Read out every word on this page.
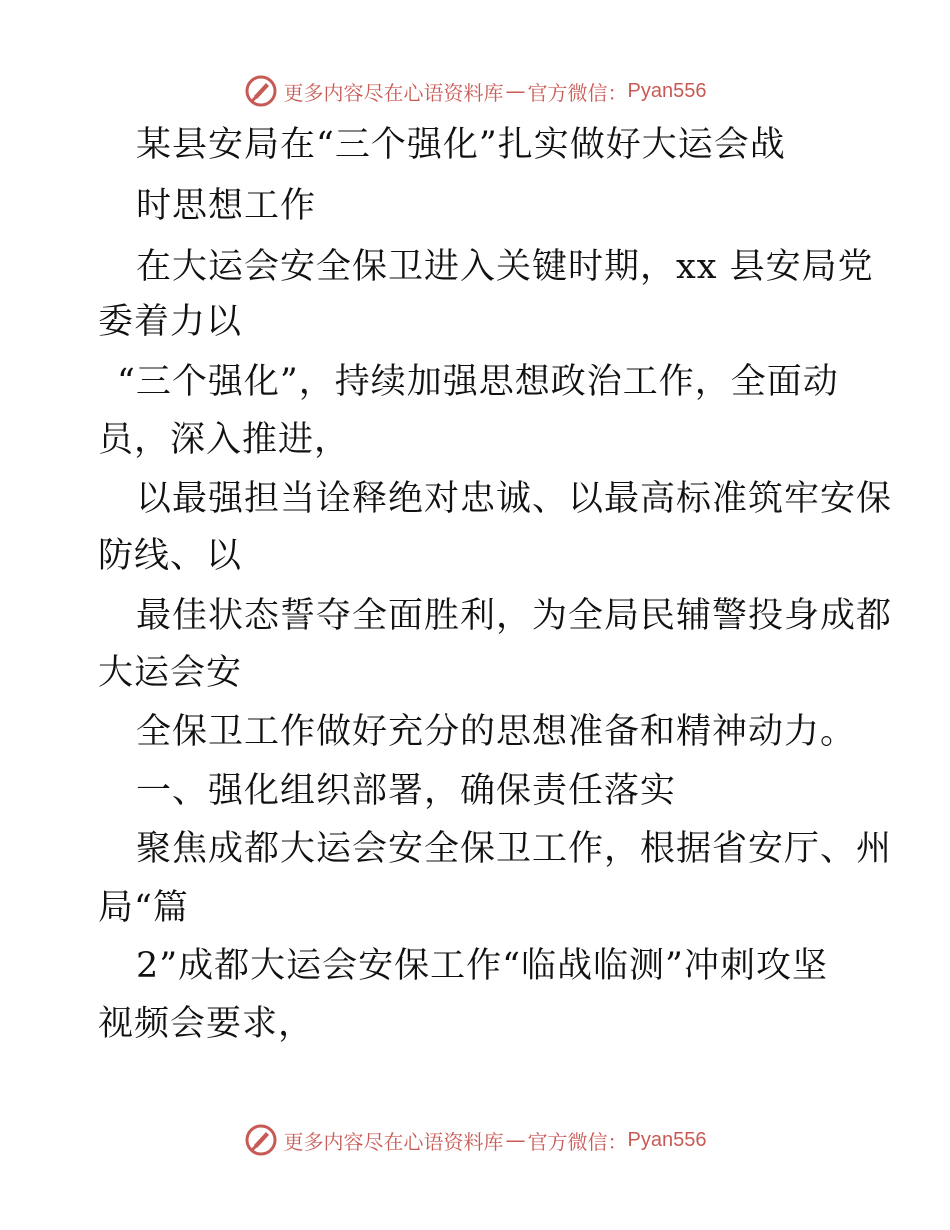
更多内容尽在心语资料库 — 官方微信： Pyan556
某县安局在“三个强化”扎实做好大运会战
时思想工作
在大运会安全保卫进入关键时期，xx 县安局党
委着力以
“三个强化”，持续加强思想政治工作，全面动
员，深入推进，
以最强担当诠释绝对忠诚、以最高标准筑牢安保
防线、以
最佳状态誓夺全面胜利，为全局民辅警投身成都
大运会安
全保卫工作做好充分的思想准备和精神动力。
一、强化组织部署，确保责任落实
聚焦成都大运会安全保卫工作，根据省安厅、州
局“篇
2”成都大运会安保工作“临战临测”冲刺攻坚
视频会要求，
更多内容尽在心语资料库 — 官方微信： Pyan556
